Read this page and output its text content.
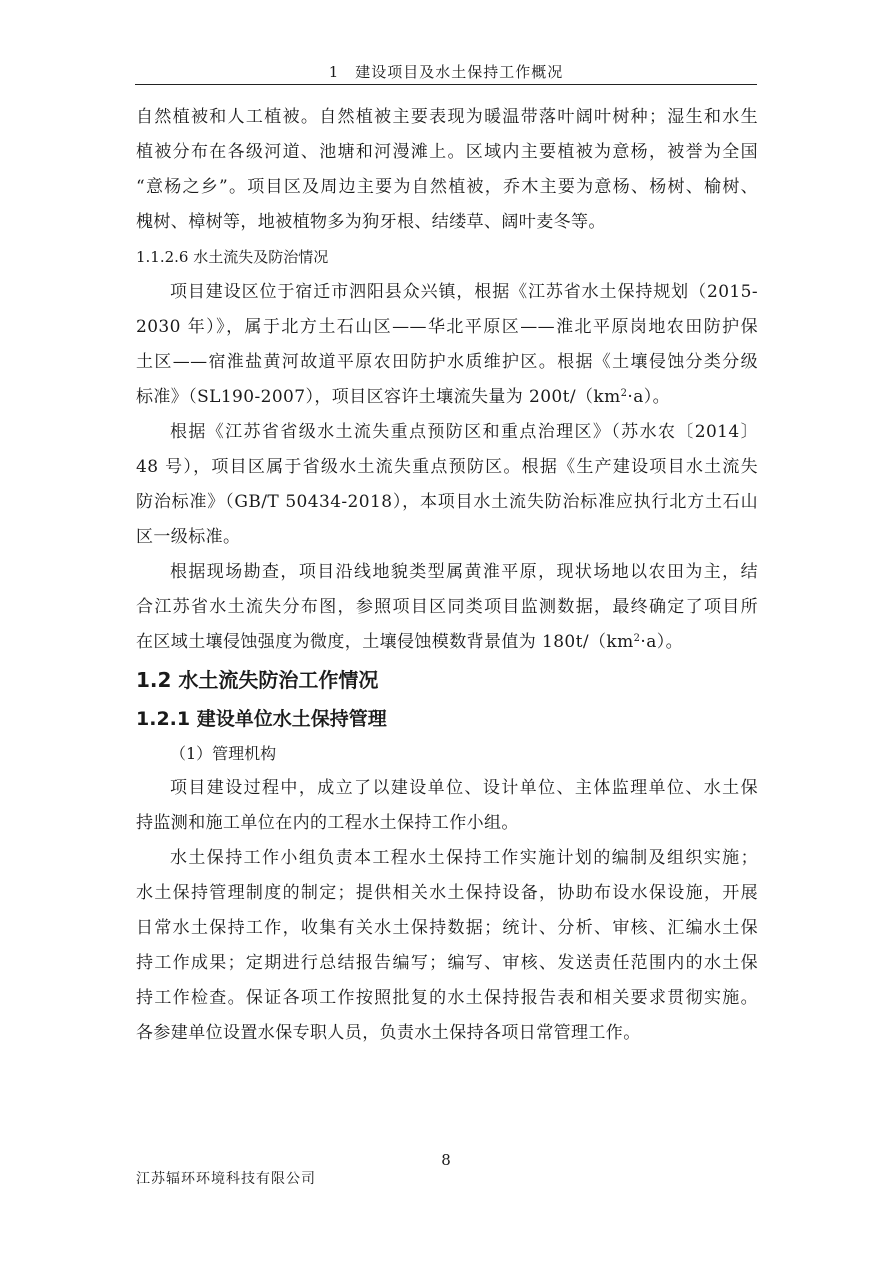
1　建设项目及水土保持工作概况
自然植被和人工植被。自然植被主要表现为暖温带落叶阔叶树种；湿生和水生
植被分布在各级河道、池塘和河漫滩上。区域内主要植被为意杨，被誉为全国
“意杨之乡”。项目区及周边主要为自然植被，乔木主要为意杨、杨树、榆树、
槐树、樟树等，地被植物多为狗牙根、结缕草、阔叶麦冬等。
1.1.2.6 水土流失及防治情况
项目建设区位于宿迁市泗阳县众兴镇，根据《江苏省水土保持规划（2015-
2030 年）》，属于北方土石山区——华北平原区——淮北平原岗地农田防护保
土区——宿淮盐黄河故道平原农田防护水质维护区。根据《土壤侵蚀分类分级
标准》（SL190-2007），项目区容许土壤流失量为 $200t/(km^2\cdot a)$。
根据《江苏省省级水土流失重点预防区和重点治理区》（苏水农〔2014〕
48 号），项目区属于省级水土流失重点预防区。根据《生产建设项目水土流失
防治标准》（GB/T 50434-2018），本项目水土流失防治标准应执行北方土石山
区一级标准。
根据现场勘查，项目沿线地貌类型属黄淮平原，现状场地以农田为主，结
合江苏省水土流失分布图，参照项目区同类项目监测数据，最终确定了项目所
在区域土壤侵蚀强度为微度，土壤侵蚀模数背景值为 $180t/(km^2\cdot a)$。
1.2 水土流失防治工作情况
1.2.1 建设单位水土保持管理
（1）管理机构
项目建设过程中，成立了以建设单位、设计单位、主体监理单位、水土保
持监测和施工单位在内的工程水土保持工作小组。
水土保持工作小组负责本工程水土保持工作实施计划的编制及组织实施；
水土保持管理制度的制定；提供相关水土保持设备，协助布设水保设施，开展
日常水土保持工作，收集有关水土保持数据；统计、分析、审核、汇编水土保
持工作成果；定期进行总结报告编写；编写、审核、发送责任范围内的水土保
持工作检查。保证各项工作按照批复的水土保持报告表和相关要求贯彻实施。
各参建单位设置水保专职人员，负责水土保持各项日常管理工作。
8
江苏辐环环境科技有限公司
